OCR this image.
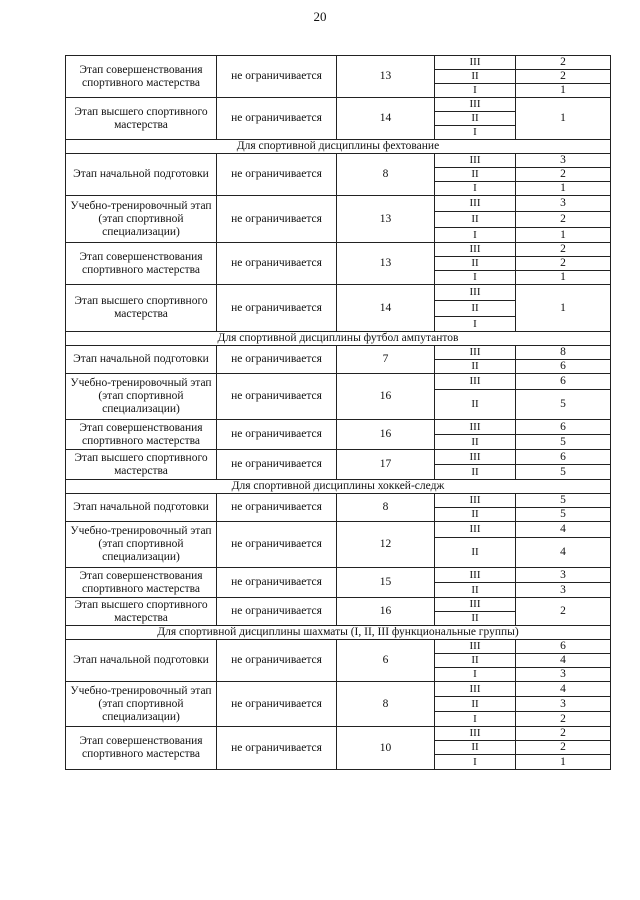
20
Этап совершенствования спортивного мастерства	не ограничивается	13	III	2
			II	2
			I	1
Этап высшего спортивного мастерства	не ограничивается	14	III	1
			II	
			I	
Для спортивной дисциплины фехтование				
Этап начальной подготовки	не ограничивается	8	III	3
			II	2
			I	1
Учебно-тренировочный этап (этап спортивной специализации)	не ограничивается	13	III	3
			II	2
			I	1
Этап совершенствования спортивного мастерства	не ограничивается	13	III	2
			II	2
			I	1
Этап высшего спортивного мастерства	не ограничивается	14	III	1
			II	
			I	
Для спортивной дисциплины футбол ампутантов				
Этап начальной подготовки	не ограничивается	7	III	8
			II	6
Учебно-тренировочный этап (этап спортивной специализации)	не ограничивается	16	III	6
			II	5
Этап совершенствования спортивного мастерства	не ограничивается	16	III	6
			II	5
Этап высшего спортивного мастерства	не ограничивается	17	III	6
			II	5
Для спортивной дисциплины хоккей-следж				
Этап начальной подготовки	не ограничивается	8	III	5
			II	5
Учебно-тренировочный этап (этап спортивной специализации)	не ограничивается	12	III	4
			II	4
Этап совершенствования спортивного мастерства	не ограничивается	15	III	3
			II	3
Этап высшего спортивного мастерства	не ограничивается	16	III	2
			II	
Для спортивной дисциплины шахматы (I, II, III функциональные группы)				
Этап начальной подготовки	не ограничивается	6	III	6
			II	4
			I	3
Учебно-тренировочный этап (этап спортивной специализации)	не ограничивается	8	III	4
			II	3
			I	2
Этап совершенствования спортивного мастерства	не ограничивается	10	III	2
			II	2
			I	1
